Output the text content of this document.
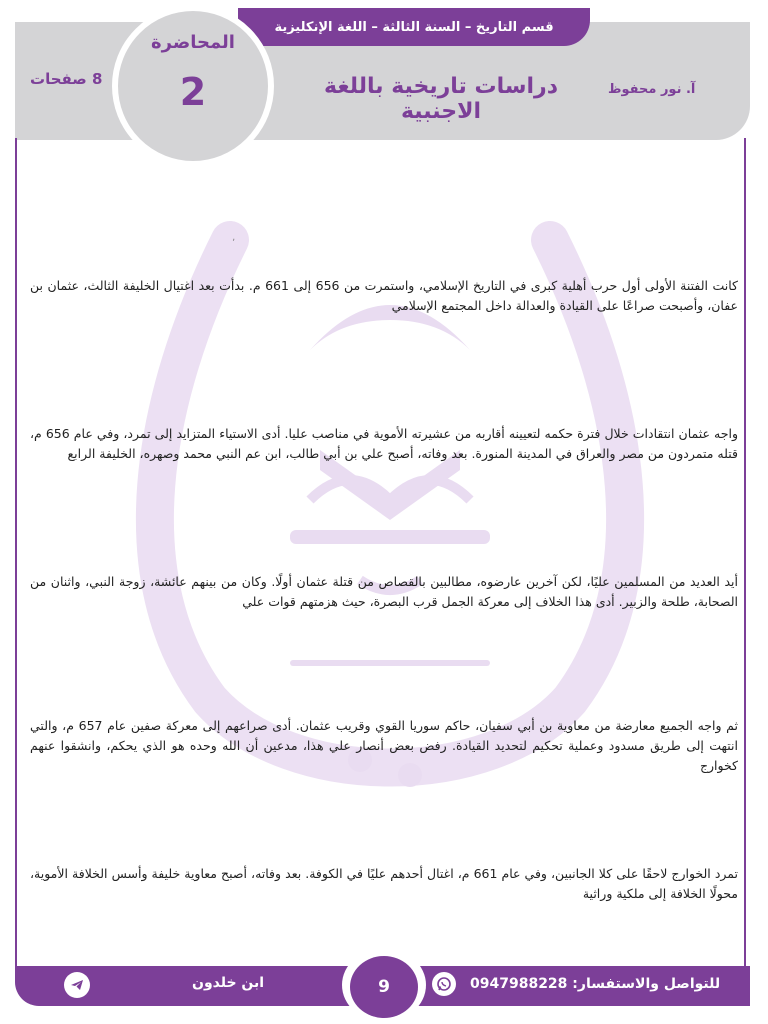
قسم التاريخ – السنة الثالثة – اللغة الإنكليزية
المحاضرة
2
8 صفحات	دراسات تاريخية باللغة الاجنبية
آ. نور محفوظ
٬
كانت الفتنة الأولى أول حرب أهلية كبرى في التاريخ الإسلامي، واستمرت من 656 إلى 661 م. بدأت بعد اغتيال الخليفة الثالث، عثمان بن عفان، وأصبحت صراعًا على القيادة والعدالة داخل المجتمع الإسلامي
واجه عثمان انتقادات خلال فترة حكمه لتعيينه أقاربه من عشيرته الأموية في مناصب عليا. أدى الاستياء المتزايد إلى تمرد، وفي عام 656 م، قتله متمردون من مصر والعراق في المدينة المنورة. بعد وفاته، أصبح علي بن أبي طالب، ابن عم النبي محمد وصهره، الخليفة الرابع
أيد العديد من المسلمين عليًا، لكن آخرين عارضوه، مطالبين بالقصاص من قتلة عثمان أولًا. وكان من بينهم عائشة، زوجة النبي، واثنان من الصحابة، طلحة والزبير. أدى هذا الخلاف إلى معركة الجمل قرب البصرة، حيث هزمتهم قوات علي
ثم واجه الجميع معارضة من معاوية بن أبي سفيان، حاكم سوريا القوي وقريب عثمان. أدى صراعهم إلى معركة صفين عام 657 م، والتي انتهت إلى طريق مسدود وعملية تحكيم لتحديد القيادة. رفض بعض أنصار علي هذا، مدعين أن الله وحده هو الذي يحكم، وانشقوا عنهم كخوارج
تمرد الخوارج لاحقًا على كلا الجانبين، وفي عام 661 م، اغتال أحدهم عليًا في الكوفة. بعد وفاته، أصبح معاوية خليفة وأسس الخلافة الأموية، محولًا الخلافة إلى ملكية وراثية
9	للتواصل والاستفسار: 0947988228
ابن خلدون
